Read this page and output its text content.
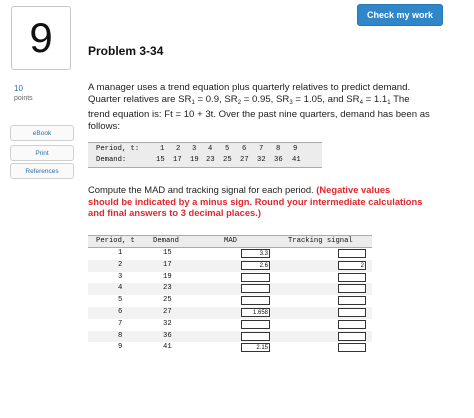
Check my work
9	Problem 3-34
10
points
eBook
Print
References
A manager uses a trend equation plus quarterly relatives to predict demand.
Quarter relatives are $SR_1 = 0.9$, $SR_2 = 0.95$, $SR_3 = 1.05$, and $SR_4 = 1.1_1$ The
trend equation is: Ft = 10 + 3t. Over the past nine quarters, demand has been as
follows:
Period, t:	1 2 3 4 5 6 7 8 9
Demand:	15 17 19 23 25 27 32 36 41
Compute the MAD and tracking signal for each period. (Negative values
should be indicated by a minus sign. Round your intermediate calculations
and final answers to 3 decimal places.)
Period, t	Demand	MAD	Tracking signal
1	15	3.3
2	17	2.6	2
3	19
4	23
5	25
6	27	1.658
7	32
8	36
9	41	2.15
